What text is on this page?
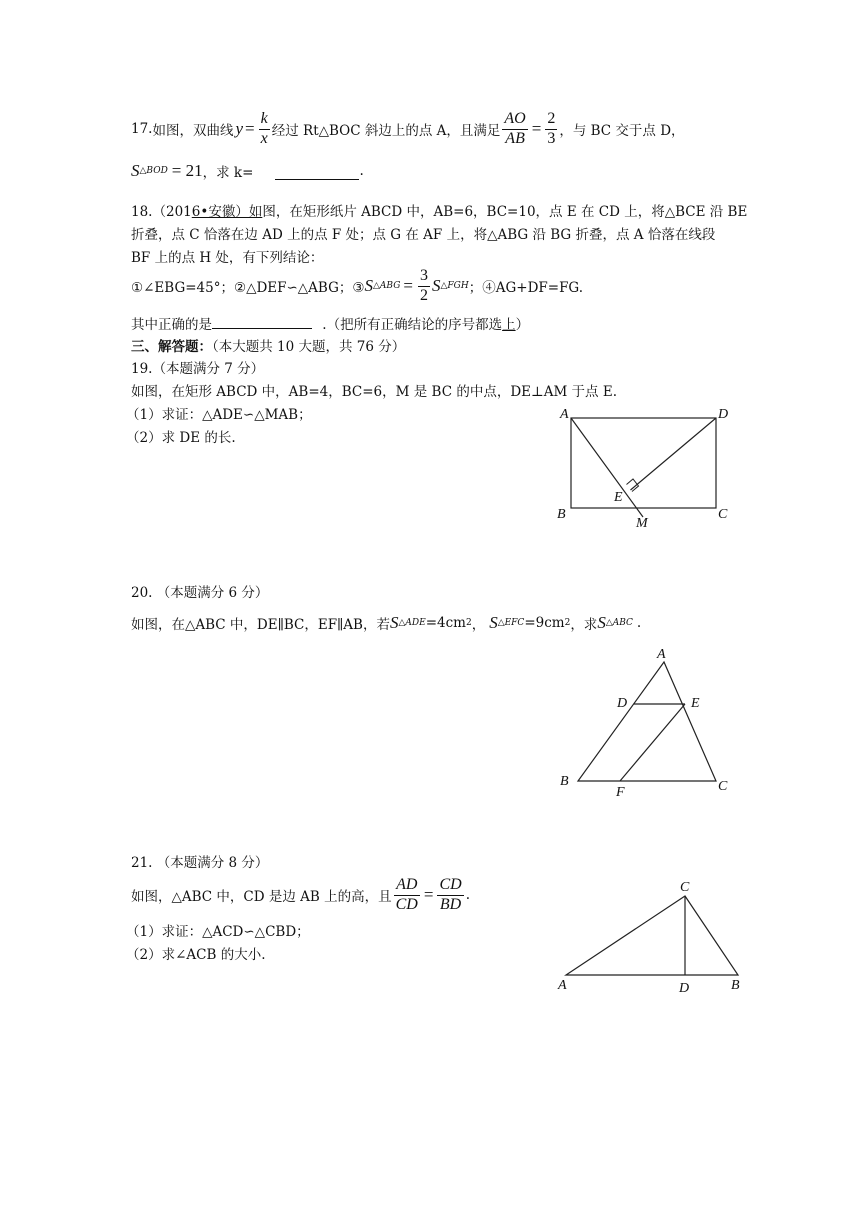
17. 如图，双曲线 $y = \frac{k}{x}$ 经过 Rt△BOC 斜边上的点 A，且满足 $\frac{AO}{AB} = \frac{2}{3}$ ，与 BC 交于点 D，
S △BOD = 21 ，求 k=	.
18.（2016•安徽）如图，在矩形纸片 ABCD 中，AB=6，BC=10，点 E 在 CD 上，将△BCE 沿 BE
折叠，点 C 恰落在边 AD 上的点 F 处；点 G 在 AF 上，将△ABG 沿 BG 折叠，点 A 恰落在线段
BF 上的点 H 处，有下列结论：
①∠EBG=45°；②△DEF∽△ABG；③ S △ABG = $\frac{3}{2}$ S △FGH ；④AG+DF=FG.
其中正确的是	.（把所有正确结论的序号都选上）
三、解答题：（本大题共 10 大题，共 76 分）
19.（本题满分 7 分）
如图，在矩形 ABCD 中，AB=4，BC=6，M 是 BC 的中点，DE⊥AM 于点 E.
（1）求证：△ADE∽△MAB；
（2）求 DE 的长.
A	D
B	C
E
M
20. （本题满分 6 分）
如图，在△ABC 中，DE∥BC，EF∥AB，若 S △ADE =4cm 2 ， S △EFC =9cm 2 ，求 S △ABC .
A
D	E
B
F	C
21. （本题满分 8 分）
如图，△ABC 中，CD 是边 AB 上的高，且 $\frac{AD}{CD} = \frac{CD}{BD}$ .
（1）求证：△ACD∽△CBD；
（2）求∠ACB 的大小.
C
A	D	B
